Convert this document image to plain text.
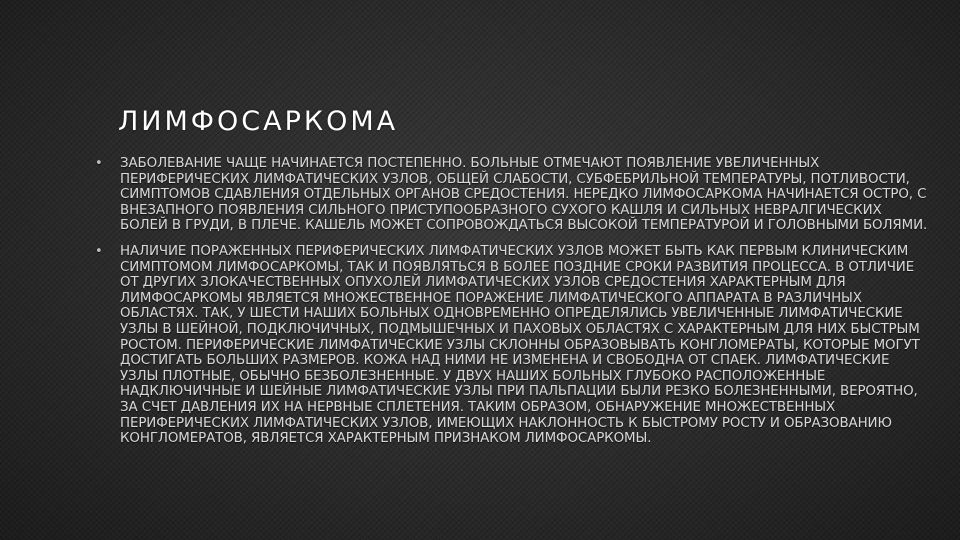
ЛИМФОСАРКОМА
• ЗАБОЛЕВАНИЕ ЧАЩЕ НАЧИНАЕТСЯ ПОСТЕПЕННО. БОЛЬНЫЕ ОТМЕЧАЮТ ПОЯВЛЕНИЕ УВЕЛИЧЕННЫХ ПЕРИФЕРИЧЕСКИХ ЛИМФАТИЧЕСКИХ УЗЛОВ, ОБЩЕЙ СЛАБОСТИ, СУБФЕБРИЛЬНОЙ ТЕМПЕРАТУРЫ, ПОТЛИВОСТИ, СИМПТОМОВ СДАВЛЕНИЯ ОТДЕЛЬНЫХ ОРГАНОВ СРЕДОСТЕНИЯ. НЕРЕДКО ЛИМФОСАРКОМА НАЧИНАЕТСЯ ОСТРО, С ВНЕЗАПНОГО ПОЯВЛЕНИЯ СИЛЬНОГО ПРИСТУПООБРАЗНОГО СУХОГО КАШЛЯ И СИЛЬНЫХ НЕВРАЛГИЧЕСКИХ БОЛЕЙ В ГРУДИ, В ПЛЕЧЕ. КАШЕЛЬ МОЖЕТ СОПРОВОЖДАТЬСЯ ВЫСОКОЙ ТЕМПЕРАТУРОЙ И ГОЛОВНЫМИ БОЛЯМИ.
• НАЛИЧИЕ ПОРАЖЕННЫХ ПЕРИФЕРИЧЕСКИХ ЛИМФАТИЧЕСКИХ УЗЛОВ МОЖЕТ БЫТЬ КАК ПЕРВЫМ КЛИНИЧЕСКИМ СИМПТОМОМ ЛИМФОСАРКОМЫ, ТАК И ПОЯВЛЯТЬСЯ В БОЛЕЕ ПОЗДНИЕ СРОКИ РАЗВИТИЯ ПРОЦЕССА. В ОТЛИЧИЕ ОТ ДРУГИХ ЗЛОКАЧЕСТВЕННЫХ ОПУХОЛЕЙ ЛИМФАТИЧЕСКИХ УЗЛОВ СРЕДОСТЕНИЯ ХАРАКТЕРНЫМ ДЛЯ ЛИМФОСАРКОМЫ ЯВЛЯЕТСЯ МНОЖЕСТВЕННОЕ ПОРАЖЕНИЕ ЛИМФАТИЧЕСКОГО АППАРАТА В РАЗЛИЧНЫХ ОБЛАСТЯХ. ТАК, У ШЕСТИ НАШИХ БОЛЬНЫХ ОДНОВРЕМЕННО ОПРЕДЕЛЯЛИСЬ УВЕЛИЧЕННЫЕ ЛИМФАТИЧЕСКИЕ УЗЛЫ В ШЕЙНОЙ, ПОДКЛЮЧИЧНЫХ, ПОДМЫШЕЧНЫХ И ПАХОВЫХ ОБЛАСТЯХ С ХАРАКТЕРНЫМ ДЛЯ НИХ БЫСТРЫМ РОСТОМ. ПЕРИФЕРИЧЕСКИЕ ЛИМФАТИЧЕСКИЕ УЗЛЫ СКЛОННЫ ОБРАЗОВЫВАТЬ КОНГЛОМЕРАТЫ, КОТОРЫЕ МОГУТ ДОСТИГАТЬ БОЛЬШИХ РАЗМЕРОВ. КОЖА НАД НИМИ НЕ ИЗМЕНЕНА И СВОБОДНА ОТ СПАЕК. ЛИМФАТИЧЕСКИЕ УЗЛЫ ПЛОТНЫЕ, ОБЫЧНО БЕЗБОЛЕЗНЕННЫЕ. У ДВУХ НАШИХ БОЛЬНЫХ ГЛУБОКО РАСПОЛОЖЕННЫЕ НАДКЛЮЧИЧНЫЕ И ШЕЙНЫЕ ЛИМФАТИЧЕСКИЕ УЗЛЫ ПРИ ПАЛЬПАЦИИ БЫЛИ РЕЗКО БОЛЕЗНЕННЫМИ, ВЕРОЯТНО, ЗА СЧЕТ ДАВЛЕНИЯ ИХ НА НЕРВНЫЕ СПЛЕТЕНИЯ. ТАКИМ ОБРАЗОМ, ОБНАРУЖЕНИЕ МНОЖЕСТВЕННЫХ ПЕРИФЕРИЧЕСКИХ ЛИМФАТИЧЕСКИХ УЗЛОВ, ИМЕЮЩИХ НАКЛОННОСТЬ К БЫСТРОМУ РОСТУ И ОБРАЗОВАНИЮ КОНГЛОМЕРАТОВ, ЯВЛЯЕТСЯ ХАРАКТЕРНЫМ ПРИЗНАКОМ ЛИМФОСАРКОМЫ.
